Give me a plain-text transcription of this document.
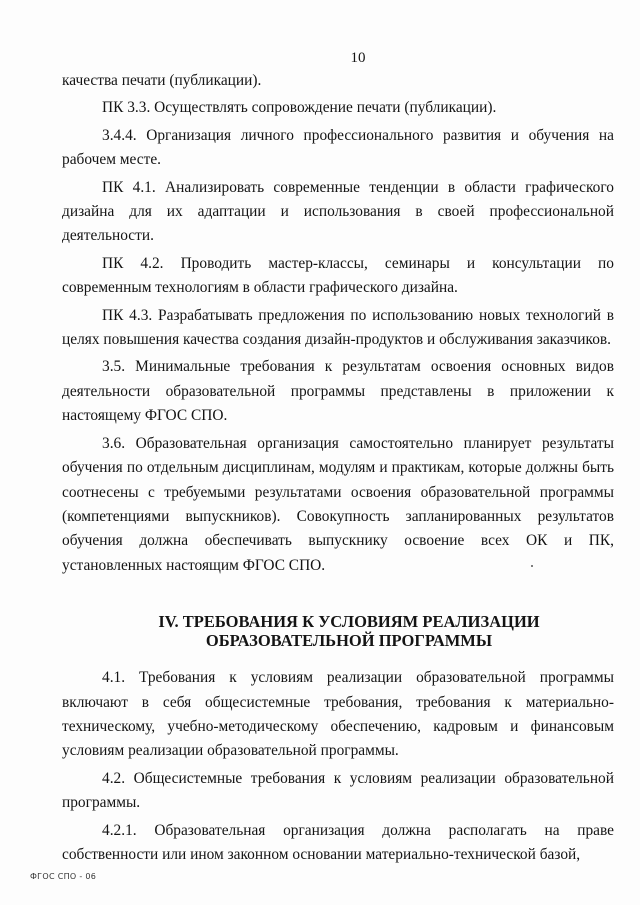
10

качества печати (публикации).

ПК 3.3. Осуществлять сопровождение печати (публикации).

3.4.4. Организация личного профессионального развития и обучения на рабочем месте.

ПК 4.1. Анализировать современные тенденции в области графического дизайна для их адаптации и использования в своей профессиональной деятельности.

ПК 4.2. Проводить мастер-классы, семинары и консультации по современным технологиям в области графического дизайна.

ПК 4.3. Разрабатывать предложения по использованию новых технологий в целях повышения качества создания дизайн-продуктов и обслуживания заказчиков.

3.5. Минимальные требования к результатам освоения основных видов деятельности образовательной программы представлены в приложении к настоящему ФГОС СПО.

3.6. Образовательная организация самостоятельно планирует результаты обучения по отдельным дисциплинам, модулям и практикам, которые должны быть соотнесены с требуемыми результатами освоения образовательной программы (компетенциями выпускников). Совокупность запланированных результатов обучения должна обеспечивать выпускнику освоение всех ОК и ПК, установленных настоящим ФГОС СПО.

IV. ТРЕБОВАНИЯ К УСЛОВИЯМ РЕАЛИЗАЦИИ ОБРАЗОВАТЕЛЬНОЙ ПРОГРАММЫ

4.1. Требования к условиям реализации образовательной программы включают в себя общесистемные требования, требования к материально-техническому, учебно-методическому обеспечению, кадровым и финансовым условиям реализации образовательной программы.

4.2. Общесистемные требования к условиям реализации образовательной программы.

4.2.1. Образовательная организация должна располагать на праве собственности или ином законном основании материально-технической базой,

ФГОС СПО - 06
